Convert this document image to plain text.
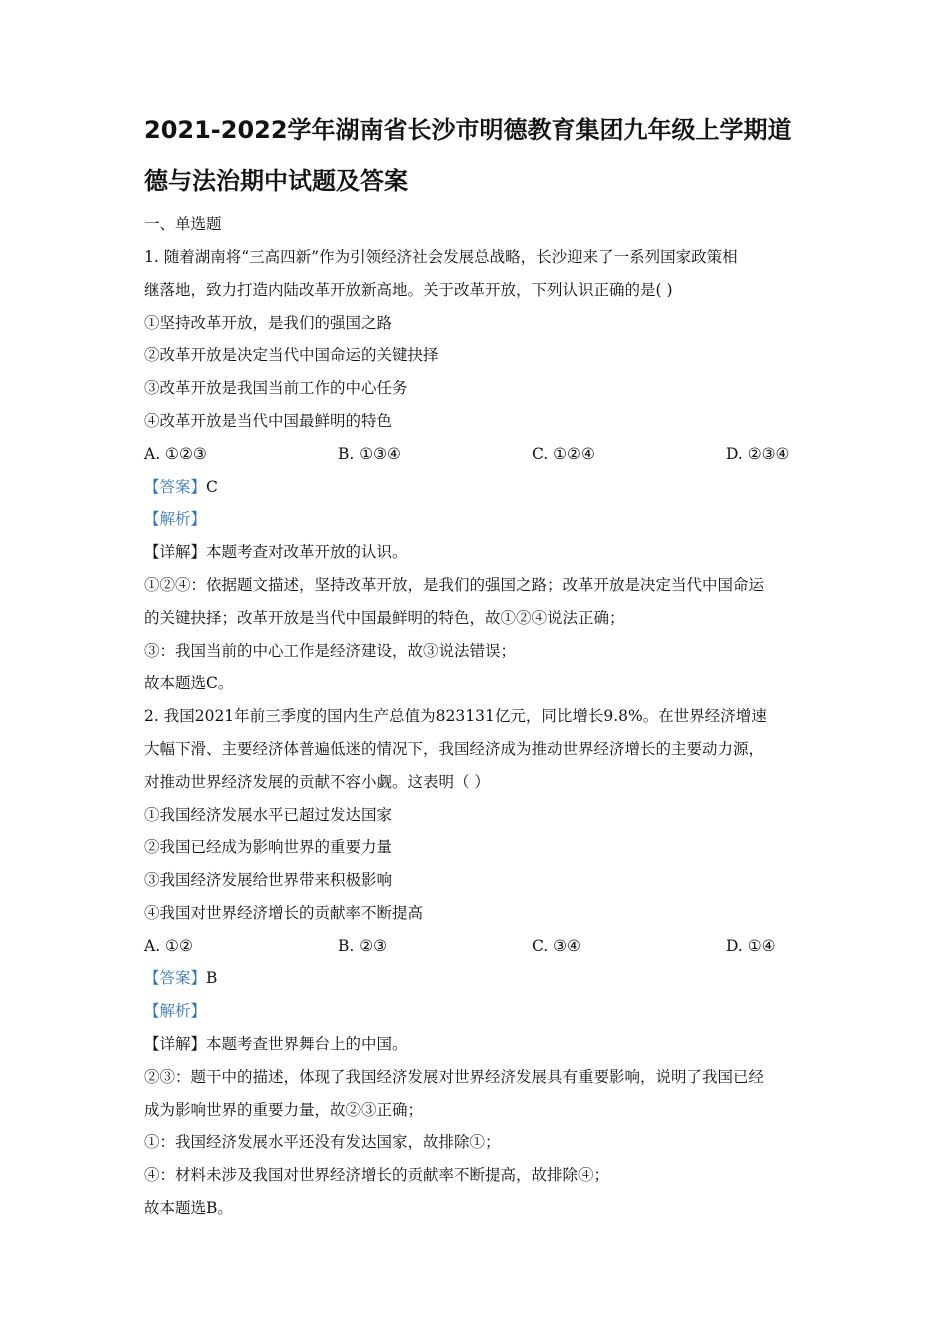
2021-2022学年湖南省长沙市明德教育集团九年级上学期道
德与法治期中试题及答案
一、单选题
1. 随着湖南将“三高四新”作为引领经济社会发展总战略，长沙迎来了一系列国家政策相
继落地，致力打造内陆改革开放新高地。关于改革开放，下列认识正确的是( )
①坚持改革开放，是我们的强国之路
②改革开放是决定当代中国命运的关键抉择
③改革开放是我国当前工作的中心任务
④改革开放是当代中国最鲜明的特色
A. ①②③	B. ①③④	C. ①②④	D. ②③④
【答案】C
【解析】
【详解】本题考查对改革开放的认识。
①②④：依据题文描述，坚持改革开放，是我们的强国之路；改革开放是决定当代中国命运
的关键抉择；改革开放是当代中国最鲜明的特色，故①②④说法正确；
③：我国当前的中心工作是经济建设，故③说法错误；
故本题选C。
2. 我国2021年前三季度的国内生产总值为823131亿元，同比增长9.8%。在世界经济增速
大幅下滑、主要经济体普遍低迷的情况下，我国经济成为推动世界经济增长的主要动力源，
对推动世界经济发展的贡献不容小觑。这表明（ ）
①我国经济发展水平已超过发达国家
②我国已经成为影响世界的重要力量
③我国经济发展给世界带来积极影响
④我国对世界经济增长的贡献率不断提高
A. ①②	B. ②③	C. ③④	D. ①④
【答案】B
【解析】
【详解】本题考查世界舞台上的中国。
②③：题干中的描述，体现了我国经济发展对世界经济发展具有重要影响，说明了我国已经
成为影响世界的重要力量，故②③正确；
①：我国经济发展水平还没有发达国家，故排除①；
④：材料未涉及我国对世界经济增长的贡献率不断提高，故排除④；
故本题选B。
